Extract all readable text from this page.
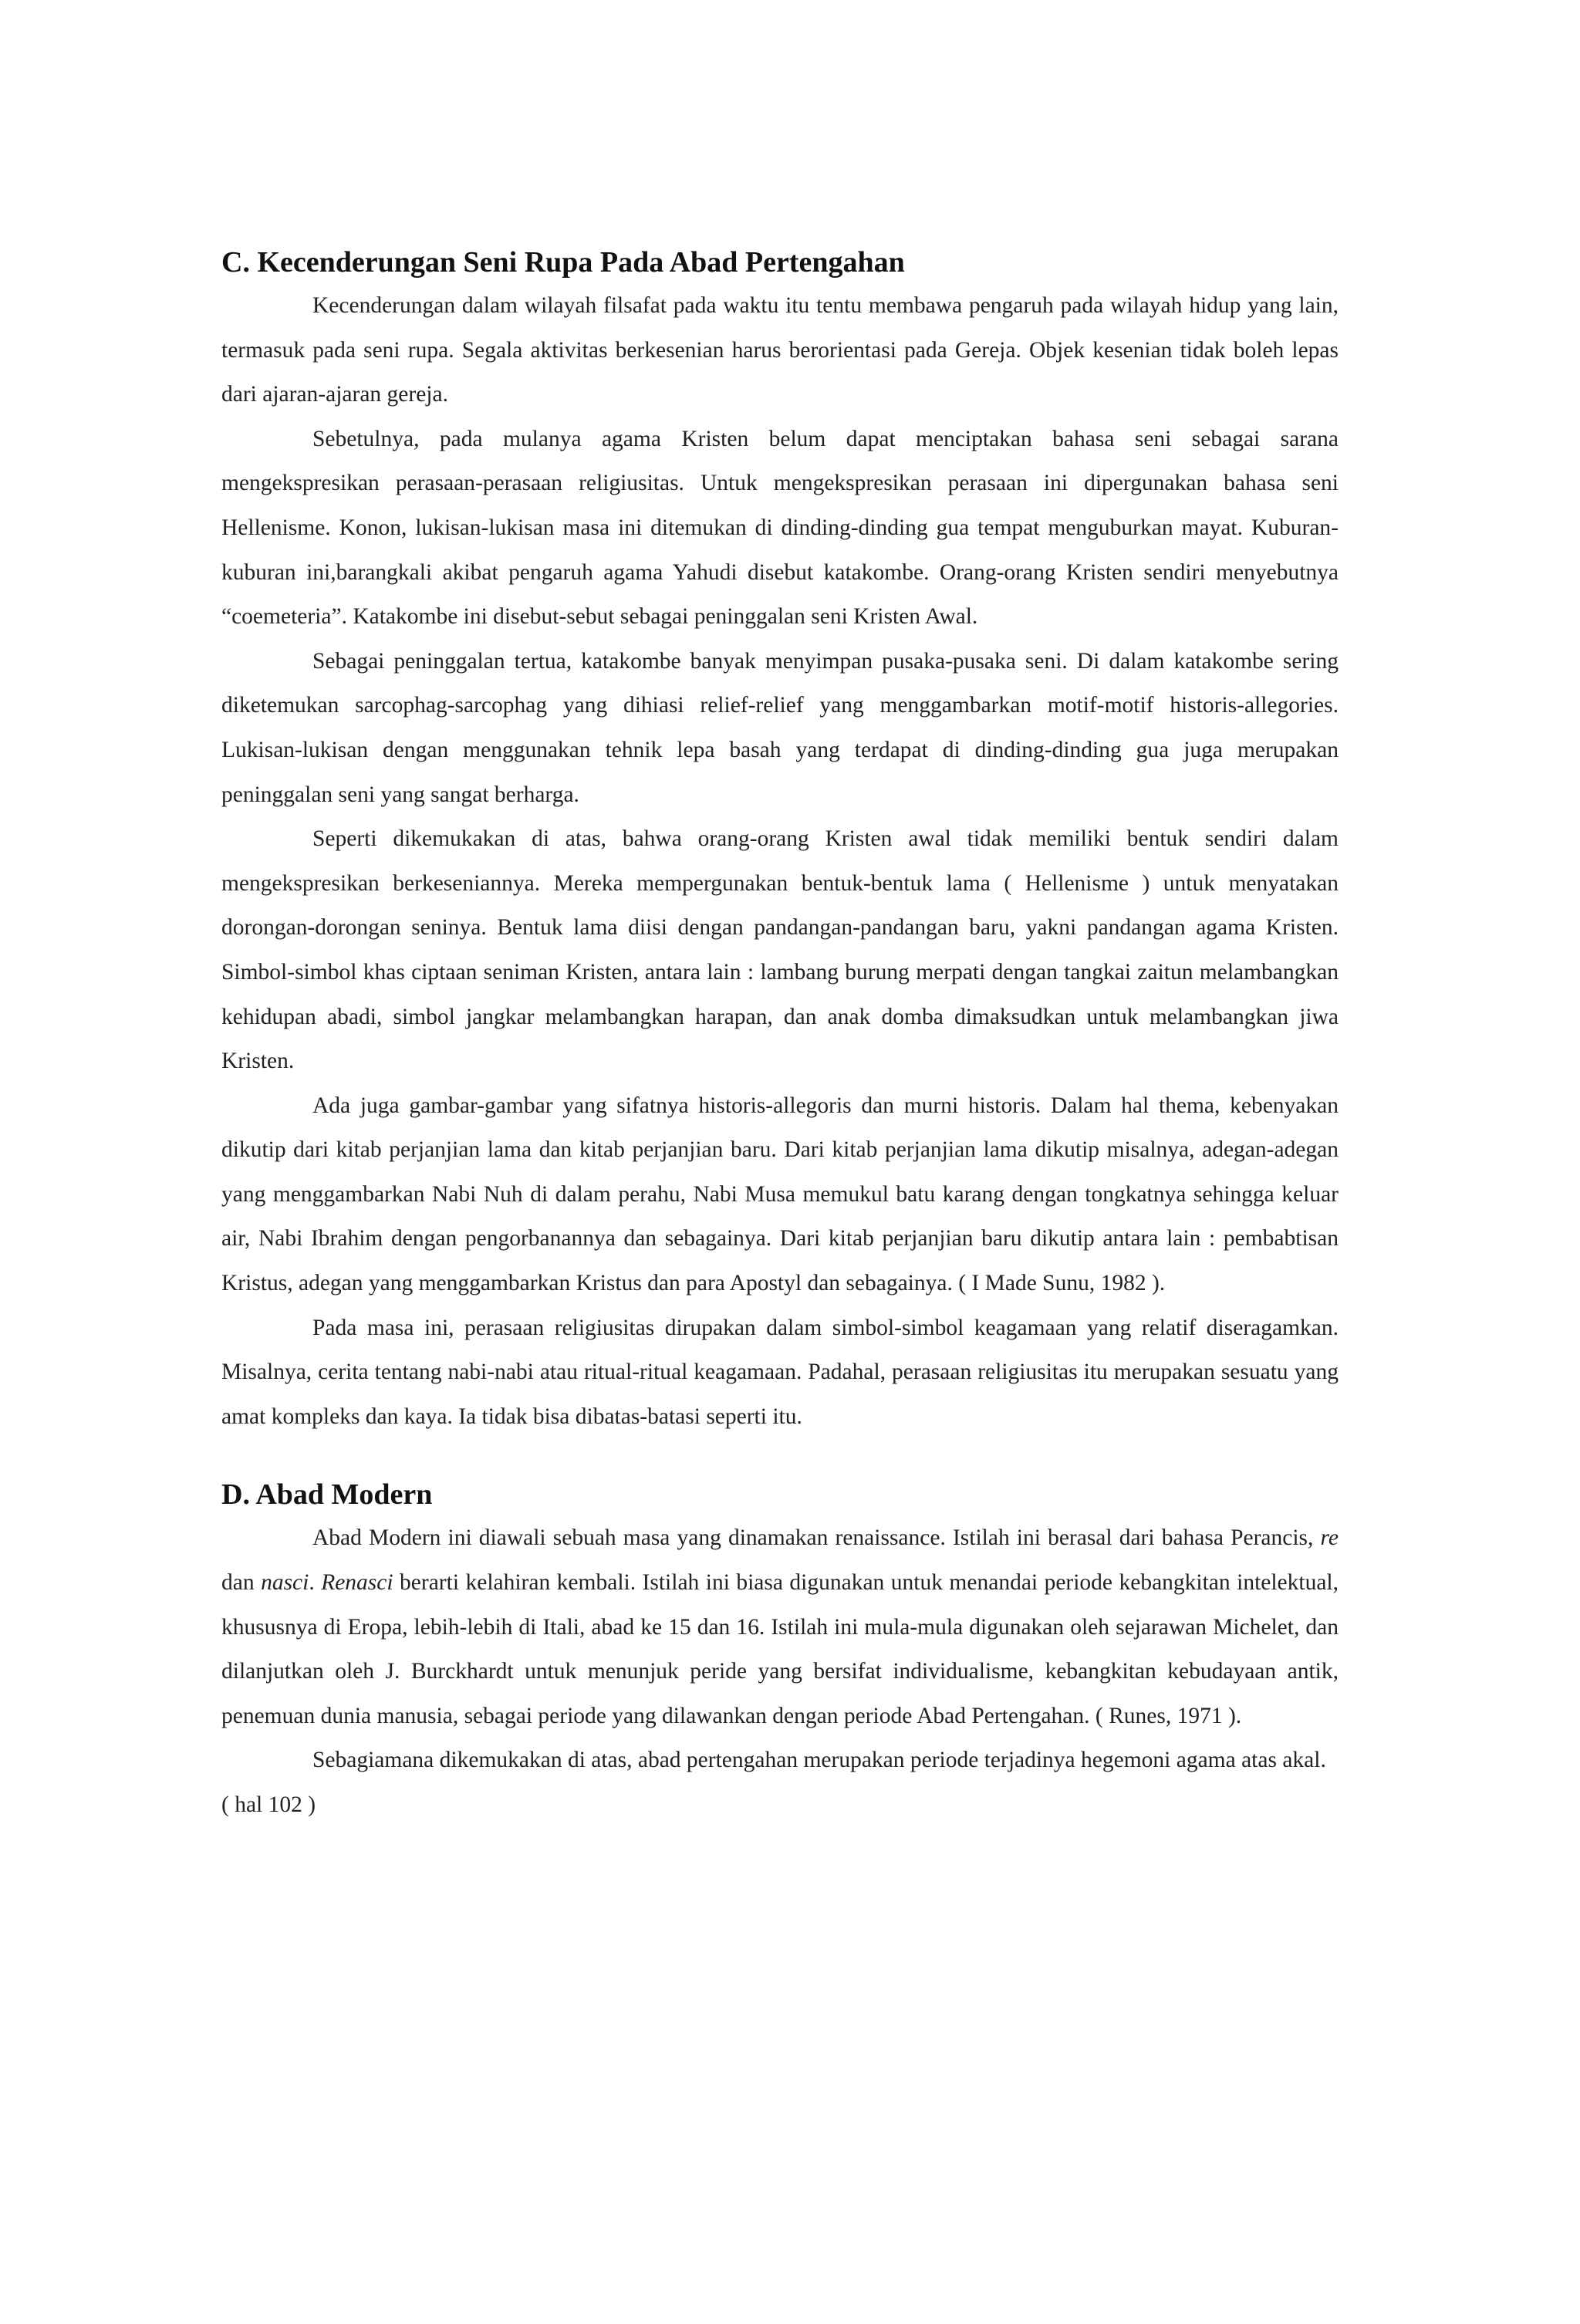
C. Kecenderungan Seni Rupa Pada Abad Pertengahan

Kecenderungan dalam wilayah filsafat pada waktu itu tentu membawa pengaruh pada wilayah hidup yang lain, termasuk pada seni rupa. Segala aktivitas berkesenian harus berorientasi pada Gereja. Objek kesenian tidak boleh lepas dari ajaran-ajaran gereja.

Sebetulnya, pada mulanya agama Kristen belum dapat menciptakan bahasa seni sebagai sarana mengekspresikan perasaan-perasaan religiusitas. Untuk mengekspresikan perasaan ini dipergunakan bahasa seni Hellenisme. Konon, lukisan-lukisan masa ini ditemukan di dinding-dinding gua tempat menguburkan mayat. Kuburan-kuburan ini,barangkali akibat pengaruh agama Yahudi disebut katakombe. Orang-orang Kristen sendiri menyebutnya “coemeteria”. Katakombe ini disebut-sebut sebagai peninggalan seni Kristen Awal.

Sebagai peninggalan tertua, katakombe banyak menyimpan pusaka-pusaka seni. Di dalam katakombe sering diketemukan sarcophag-sarcophag yang dihiasi relief-relief yang menggambarkan motif-motif historis-allegories. Lukisan-lukisan dengan menggunakan tehnik lepa basah yang terdapat di dinding-dinding gua juga merupakan peninggalan seni yang sangat berharga.

Seperti dikemukakan di atas, bahwa orang-orang Kristen awal tidak memiliki bentuk sendiri dalam mengekspresikan berkeseniannya. Mereka mempergunakan bentuk-bentuk lama ( Hellenisme ) untuk menyatakan dorongan-dorongan seninya. Bentuk lama diisi dengan pandangan-pandangan baru, yakni pandangan agama Kristen. Simbol-simbol khas ciptaan seniman Kristen, antara lain : lambang burung merpati dengan tangkai zaitun melambangkan kehidupan abadi, simbol jangkar melambangkan harapan, dan anak domba dimaksudkan untuk melambangkan jiwa Kristen.

Ada juga gambar-gambar yang sifatnya historis-allegoris dan murni historis. Dalam hal thema, kebenyakan dikutip dari kitab perjanjian lama dan kitab perjanjian baru. Dari kitab perjanjian lama dikutip misalnya, adegan-adegan yang menggambarkan Nabi Nuh di dalam perahu, Nabi Musa memukul batu karang dengan tongkatnya sehingga keluar air, Nabi Ibrahim dengan pengorbanannya dan sebagainya. Dari kitab perjanjian baru dikutip antara lain : pembabtisan Kristus, adegan yang menggambarkan Kristus dan para Apostyl dan sebagainya. ( I Made Sunu, 1982 ).

Pada masa ini, perasaan religiusitas dirupakan dalam simbol-simbol keagamaan yang relatif diseragamkan. Misalnya, cerita tentang nabi-nabi atau ritual-ritual keagamaan. Padahal, perasaan religiusitas itu merupakan sesuatu yang amat kompleks dan kaya. Ia tidak bisa dibatas-batasi seperti itu.

D. Abad Modern

Abad Modern ini diawali sebuah masa yang dinamakan renaissance. Istilah ini berasal dari bahasa Perancis, re dan nasci. Renasci berarti kelahiran kembali. Istilah ini biasa digunakan untuk menandai periode kebangkitan intelektual, khususnya di Eropa, lebih-lebih di Itali, abad ke 15 dan 16. Istilah ini mula-mula digunakan oleh sejarawan Michelet, dan dilanjutkan oleh J. Burckhardt untuk menunjuk peride yang bersifat individualisme, kebangkitan kebudayaan antik, penemuan dunia manusia, sebagai periode yang dilawankan dengan periode Abad Pertengahan. ( Runes, 1971 ).

Sebagiamana dikemukakan di atas, abad pertengahan merupakan periode terjadinya hegemoni agama atas akal. ( hal 102 )
